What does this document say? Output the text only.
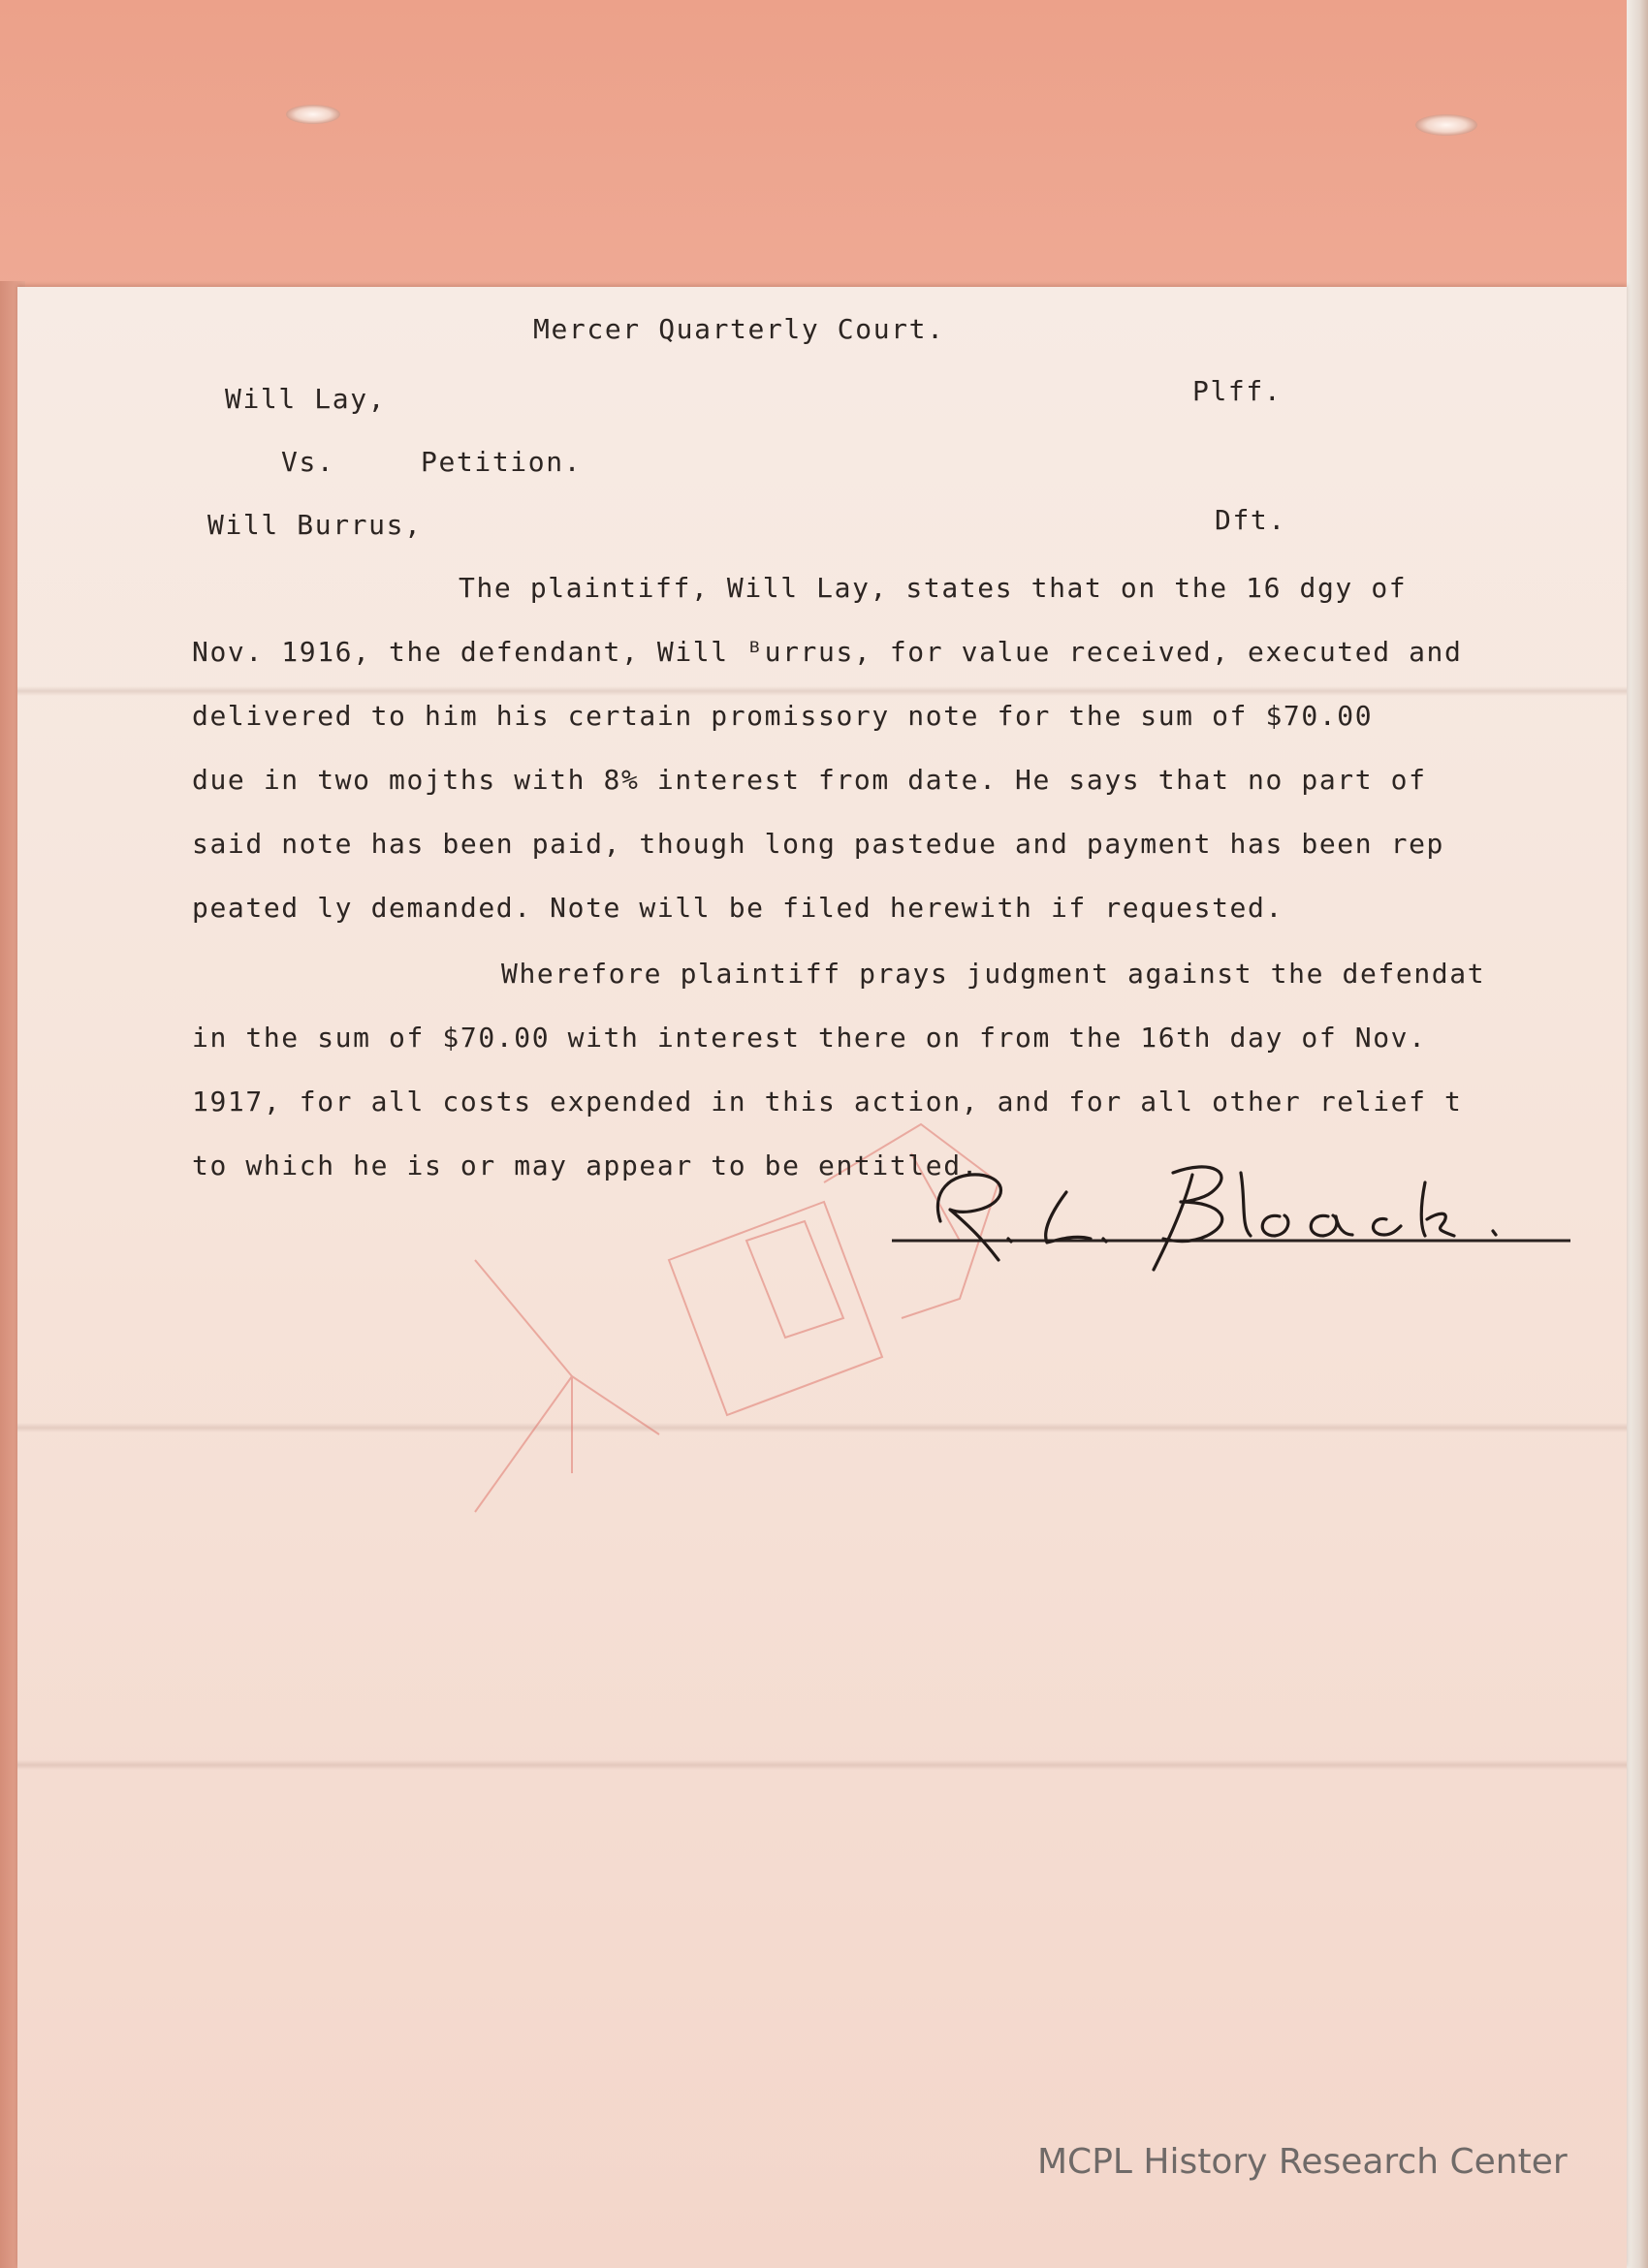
Mercer Quarterly Court.
Will Lay,	Plff.
Vs.	Petition.
Will Burrus,	Dft.
The plaintiff, Will Lay, states that on the 16 dgy of
Nov. 1916, the defendant, Will ᴮurrus, for valuе received, executed and
delivered to him his certain promissory note for the sum of $70.00
due in two mojths with 8% interest from date. He says that no part of
said note has been paid, though long pastedue and payment has been rep
peated ly demanded. Note will be filed herewith if requested.
Wherefore plaintiff prays judgment against the defendat
in the sum of $70.00 with interest there on from the 16th day of Nov.
1917, for all costs expended in this action, and for all other relief t
to which he is or may appear to be entitled.
MCPL History Research Center
